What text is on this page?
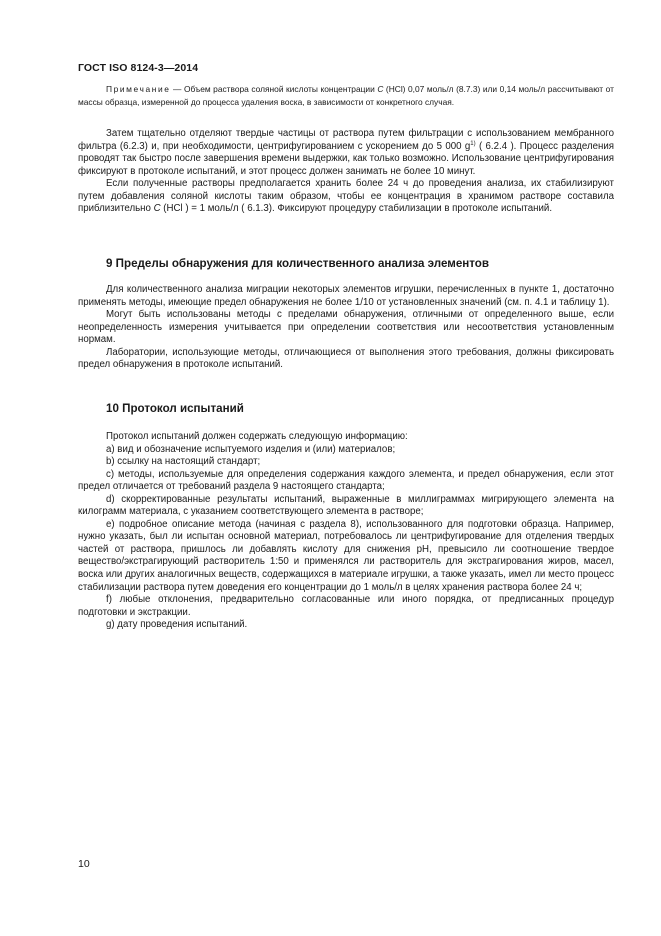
ГОСТ ISO 8124-3—2014

Примечание — Объем раствора соляной кислоты концентрации C (HCl) 0,07 моль/л (8.7.3) или 0,14 моль/л рассчитывают от массы образца, измеренной до процесса удаления воска, в зависимости от конкретного случая.

Затем тщательно отделяют твердые частицы от раствора путем фильтрации с использованием мембранного фильтра (6.2.3) и, при необходимости, центрифугированием с ускорением до 5 000 $g^{1)}$ ( 6.2.4 ). Процесс разделения проводят так быстро после завершения времени выдержки, как только возможно. Использование центрифугирования фиксируют в протоколе испытаний, и этот процесс должен занимать не более 10 минут.

Если полученные растворы предполагается хранить более 24 ч до проведения анализа, их стабилизируют путем добавления соляной кислоты таким образом, чтобы ее концентрация в хранимом растворе составила приблизительно C (HCl ) = 1 моль/л ( 6.1.3). Фиксируют процедуру стабилизации в протоколе испытаний.

9 Пределы обнаружения для количественного анализа элементов

Для количественного анализа миграции некоторых элементов игрушки, перечисленных в пункте 1, достаточно применять методы, имеющие предел обнаружения не более 1/10 от установленных значений (см. п. 4.1 и таблицу 1).

Могут быть использованы методы с пределами обнаружения, отличными от определенного выше, если неопределенность измерения учитывается при определении соответствия или несоответствия установленным нормам.

Лаборатории, использующие методы, отличающиеся от выполнения этого требования, должны фиксировать предел обнаружения в протоколе испытаний.

10 Протокол испытаний

Протокол испытаний должен содержать следующую информацию:

а) вид и обозначение испытуемого изделия и (или) материалов;

b) ссылку на настоящий стандарт;

c) методы, используемые для определения содержания каждого элемента, и предел обнаружения, если этот предел отличается от требований раздела 9 настоящего стандарта;

d) скорректированные результаты испытаний, выраженные в миллиграммах мигрирующего элемента на килограмм материала, с указанием соответствующего элемента в растворе;

e) подробное описание метода (начиная с раздела 8), использованного для подготовки образца. Например, нужно указать, был ли испытан основной материал, потребовалось ли центрифугирование для отделения твердых частей от раствора, пришлось ли добавлять кислоту для снижения pH, превысило ли соотношение твердое вещество/экстрагирующий растворитель 1:50 и применялся ли растворитель для экстрагирования жиров, масел, воска или других аналогичных веществ, содержащихся в материале игрушки, а также указать, имел ли место процесс стабилизации раствора путем доведения его концентрации до 1 моль/л в целях хранения раствора более 24 ч;

f) любые отклонения, предварительно согласованные или иного порядка, от предписанных процедур подготовки и экстракции.

g) дату проведения испытаний.

10
